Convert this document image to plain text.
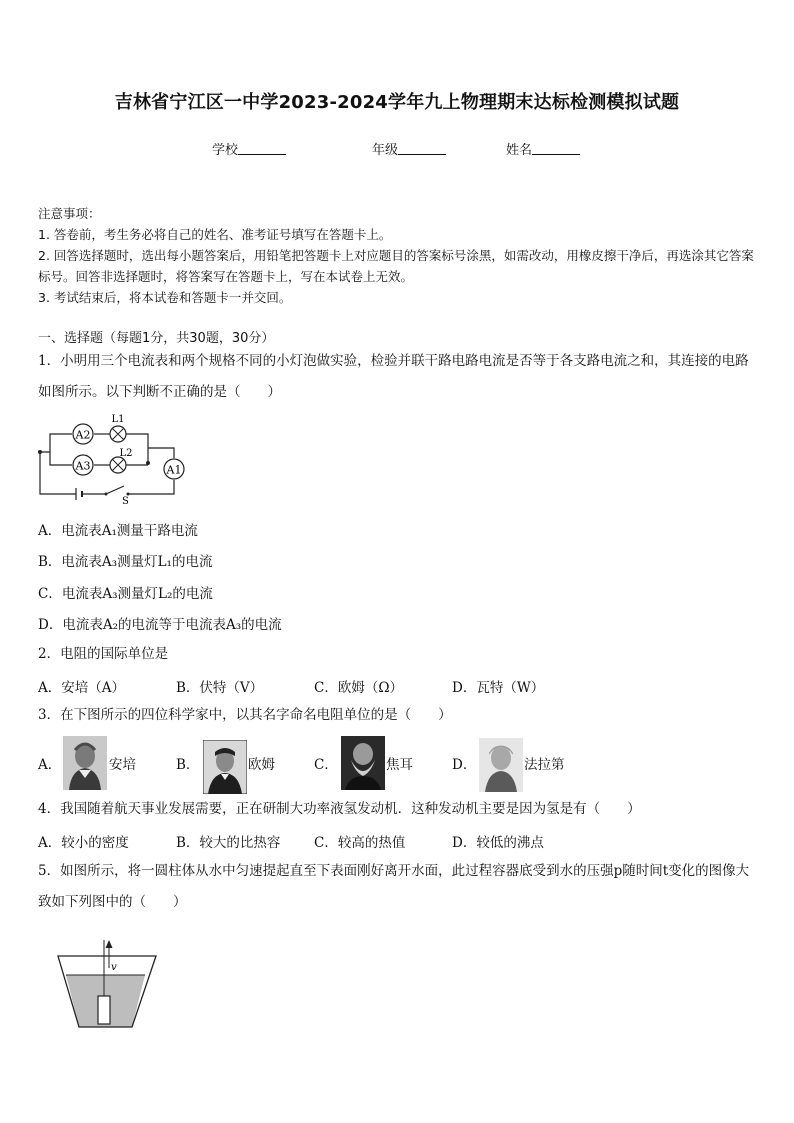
吉林省宁江区一中学2023-2024学年九上物理期末达标检测模拟试题
学校	年级	姓名

注意事项：

1. 答卷前，考生务必将自己的姓名、准考证号填写在答题卡上。

2. 回答选择题时，选出每小题答案后，用铅笔把答题卡上对应题目的答案标号涂黑，如需改动，用橡皮擦干净后，再选涂其它答案标号。回答非选择题时，将答案写在答题卡上，写在本试卷上无效。

3. 考试结束后，将本试卷和答题卡一并交回。

一、选择题（每题1分，共30题，30分）
1．小明用三个电流表和两个规格不同的小灯泡做实验，检验并联干路电路电流是否等于各支路电流之和，其连接的电路如图所示。以下判断不正确的是（　　）
A2
A3	A1
L1
L2
S
A．电流表A₁测量干路电流
B．电流表A₃测量灯L₁的电流
C．电流表A₃测量灯L₂的电流
D．电流表A₂的电流等于电流表A₃的电流
2．电阻的国际单位是
A．安培（A）	B．伏特（V）	C．欧姆（Ω）	D．瓦特（W）
3．在下图所示的四位科学家中，以其名字命名电阻单位的是（　　）
A．	安培	B．	欧姆	C．	焦耳	D．	法拉第
4．我国随着航天事业发展需要，正在研制大功率液氢发动机．这种发动机主要是因为氢是有（　　）
A．较小的密度	B．较大的比热容 C．较高的热值	D．较低的沸点
5．如图所示，将一圆柱体从水中匀速提起直至下表面刚好离开水面，此过程容器底受到水的压强p随时间t变化的图像大致如下列图中的（　　）
v
